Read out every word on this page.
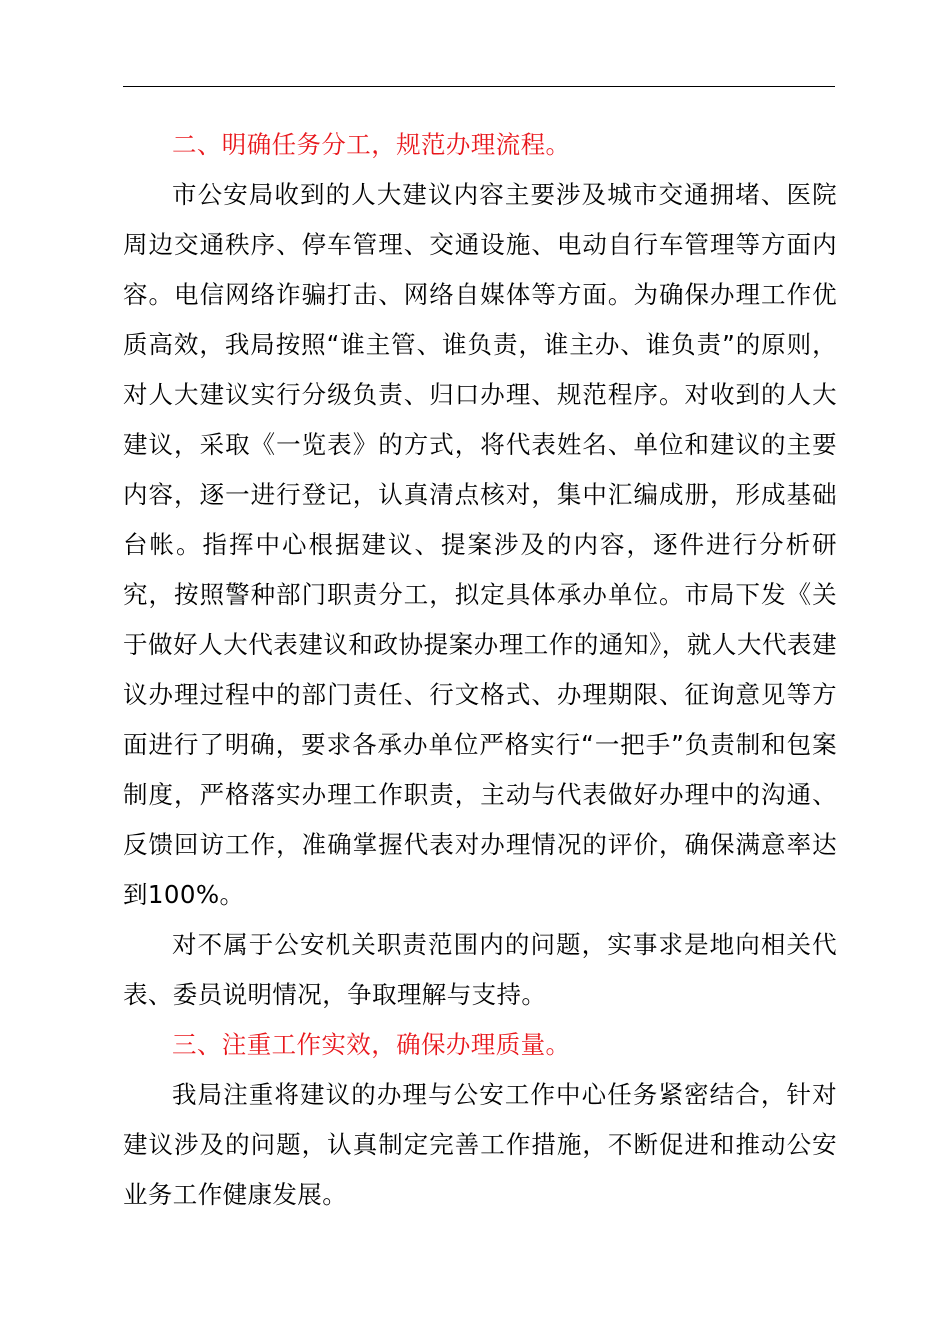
二、明确任务分工，规范办理流程。

市公安局收到的人大建议内容主要涉及城市交通拥堵、医院周边交通秩序、停车管理、交通设施、电动自行车管理等方面内容。电信网络诈骗打击、网络自媒体等方面。为确保办理工作优质高效，我局按照“谁主管、谁负责，谁主办、谁负责”的原则，对人大建议实行分级负责、归口办理、规范程序。对收到的人大建议，采取《一览表》的方式，将代表姓名、单位和建议的主要内容，逐一进行登记，认真清点核对，集中汇编成册，形成基础台帐。指挥中心根据建议、提案涉及的内容，逐件进行分析研究，按照警种部门职责分工，拟定具体承办单位。市局下发《关于做好人大代表建议和政协提案办理工作的通知》，就人大代表建议办理过程中的部门责任、行文格式、办理期限、征询意见等方面进行了明确，要求各承办单位严格实行“一把手”负责制和包案制度，严格落实办理工作职责，主动与代表做好办理中的沟通、反馈回访工作，准确掌握代表对办理情况的评价，确保满意率达到100%。

对不属于公安机关职责范围内的问题，实事求是地向相关代表、委员说明情况，争取理解与支持。

三、注重工作实效，确保办理质量。

我局注重将建议的办理与公安工作中心任务紧密结合，针对建议涉及的问题，认真制定完善工作措施，不断促进和推动公安业务工作健康发展。
